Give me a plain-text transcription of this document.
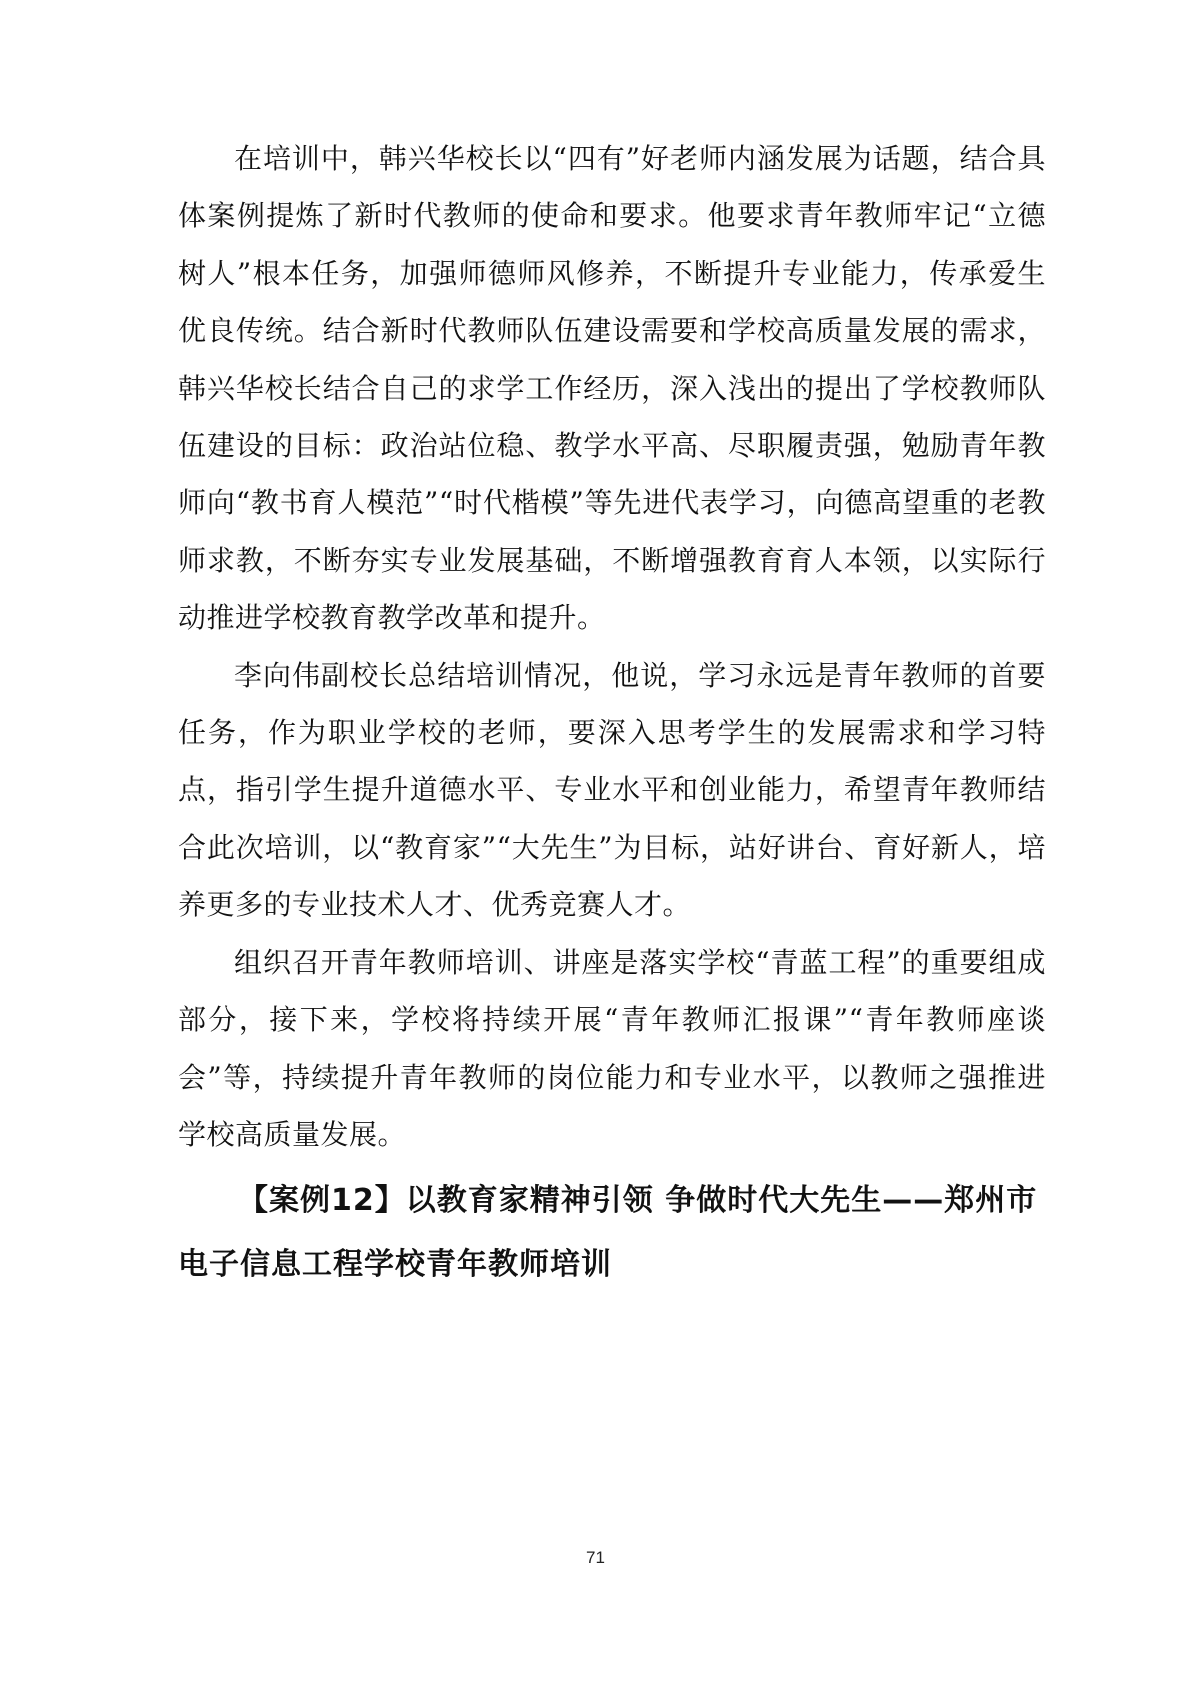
在培训中，韩兴华校长以“四有”好老师内涵发展为话题，结合具体案例提炼了新时代教师的使命和要求。他要求青年教师牢记“立德树人”根本任务，加强师德师风修养，不断提升专业能力，传承爱生优良传统。结合新时代教师队伍建设需要和学校高质量发展的需求，韩兴华校长结合自己的求学工作经历，深入浅出的提出了学校教师队伍建设的目标：政治站位稳、教学水平高、尽职履责强，勉励青年教师向“教书育人模范”“时代楷模”等先进代表学习，向德高望重的老教师求教，不断夯实专业发展基础，不断增强教育育人本领，以实际行动推进学校教育教学改革和提升。

李向伟副校长总结培训情况，他说，学习永远是青年教师的首要任务，作为职业学校的老师，要深入思考学生的发展需求和学习特点，指引学生提升道德水平、专业水平和创业能力，希望青年教师结合此次培训，以“教育家”“大先生”为目标，站好讲台、育好新人，培养更多的专业技术人才、优秀竞赛人才。

组织召开青年教师培训、讲座是落实学校“青蓝工程”的重要组成部分，接下来，学校将持续开展“青年教师汇报课”“青年教师座谈会”等，持续提升青年教师的岗位能力和专业水平，以教师之强推进学校高质量发展。

【案例12】以教育家精神引领 争做时代大先生——郑州市电子信息工程学校青年教师培训

71
